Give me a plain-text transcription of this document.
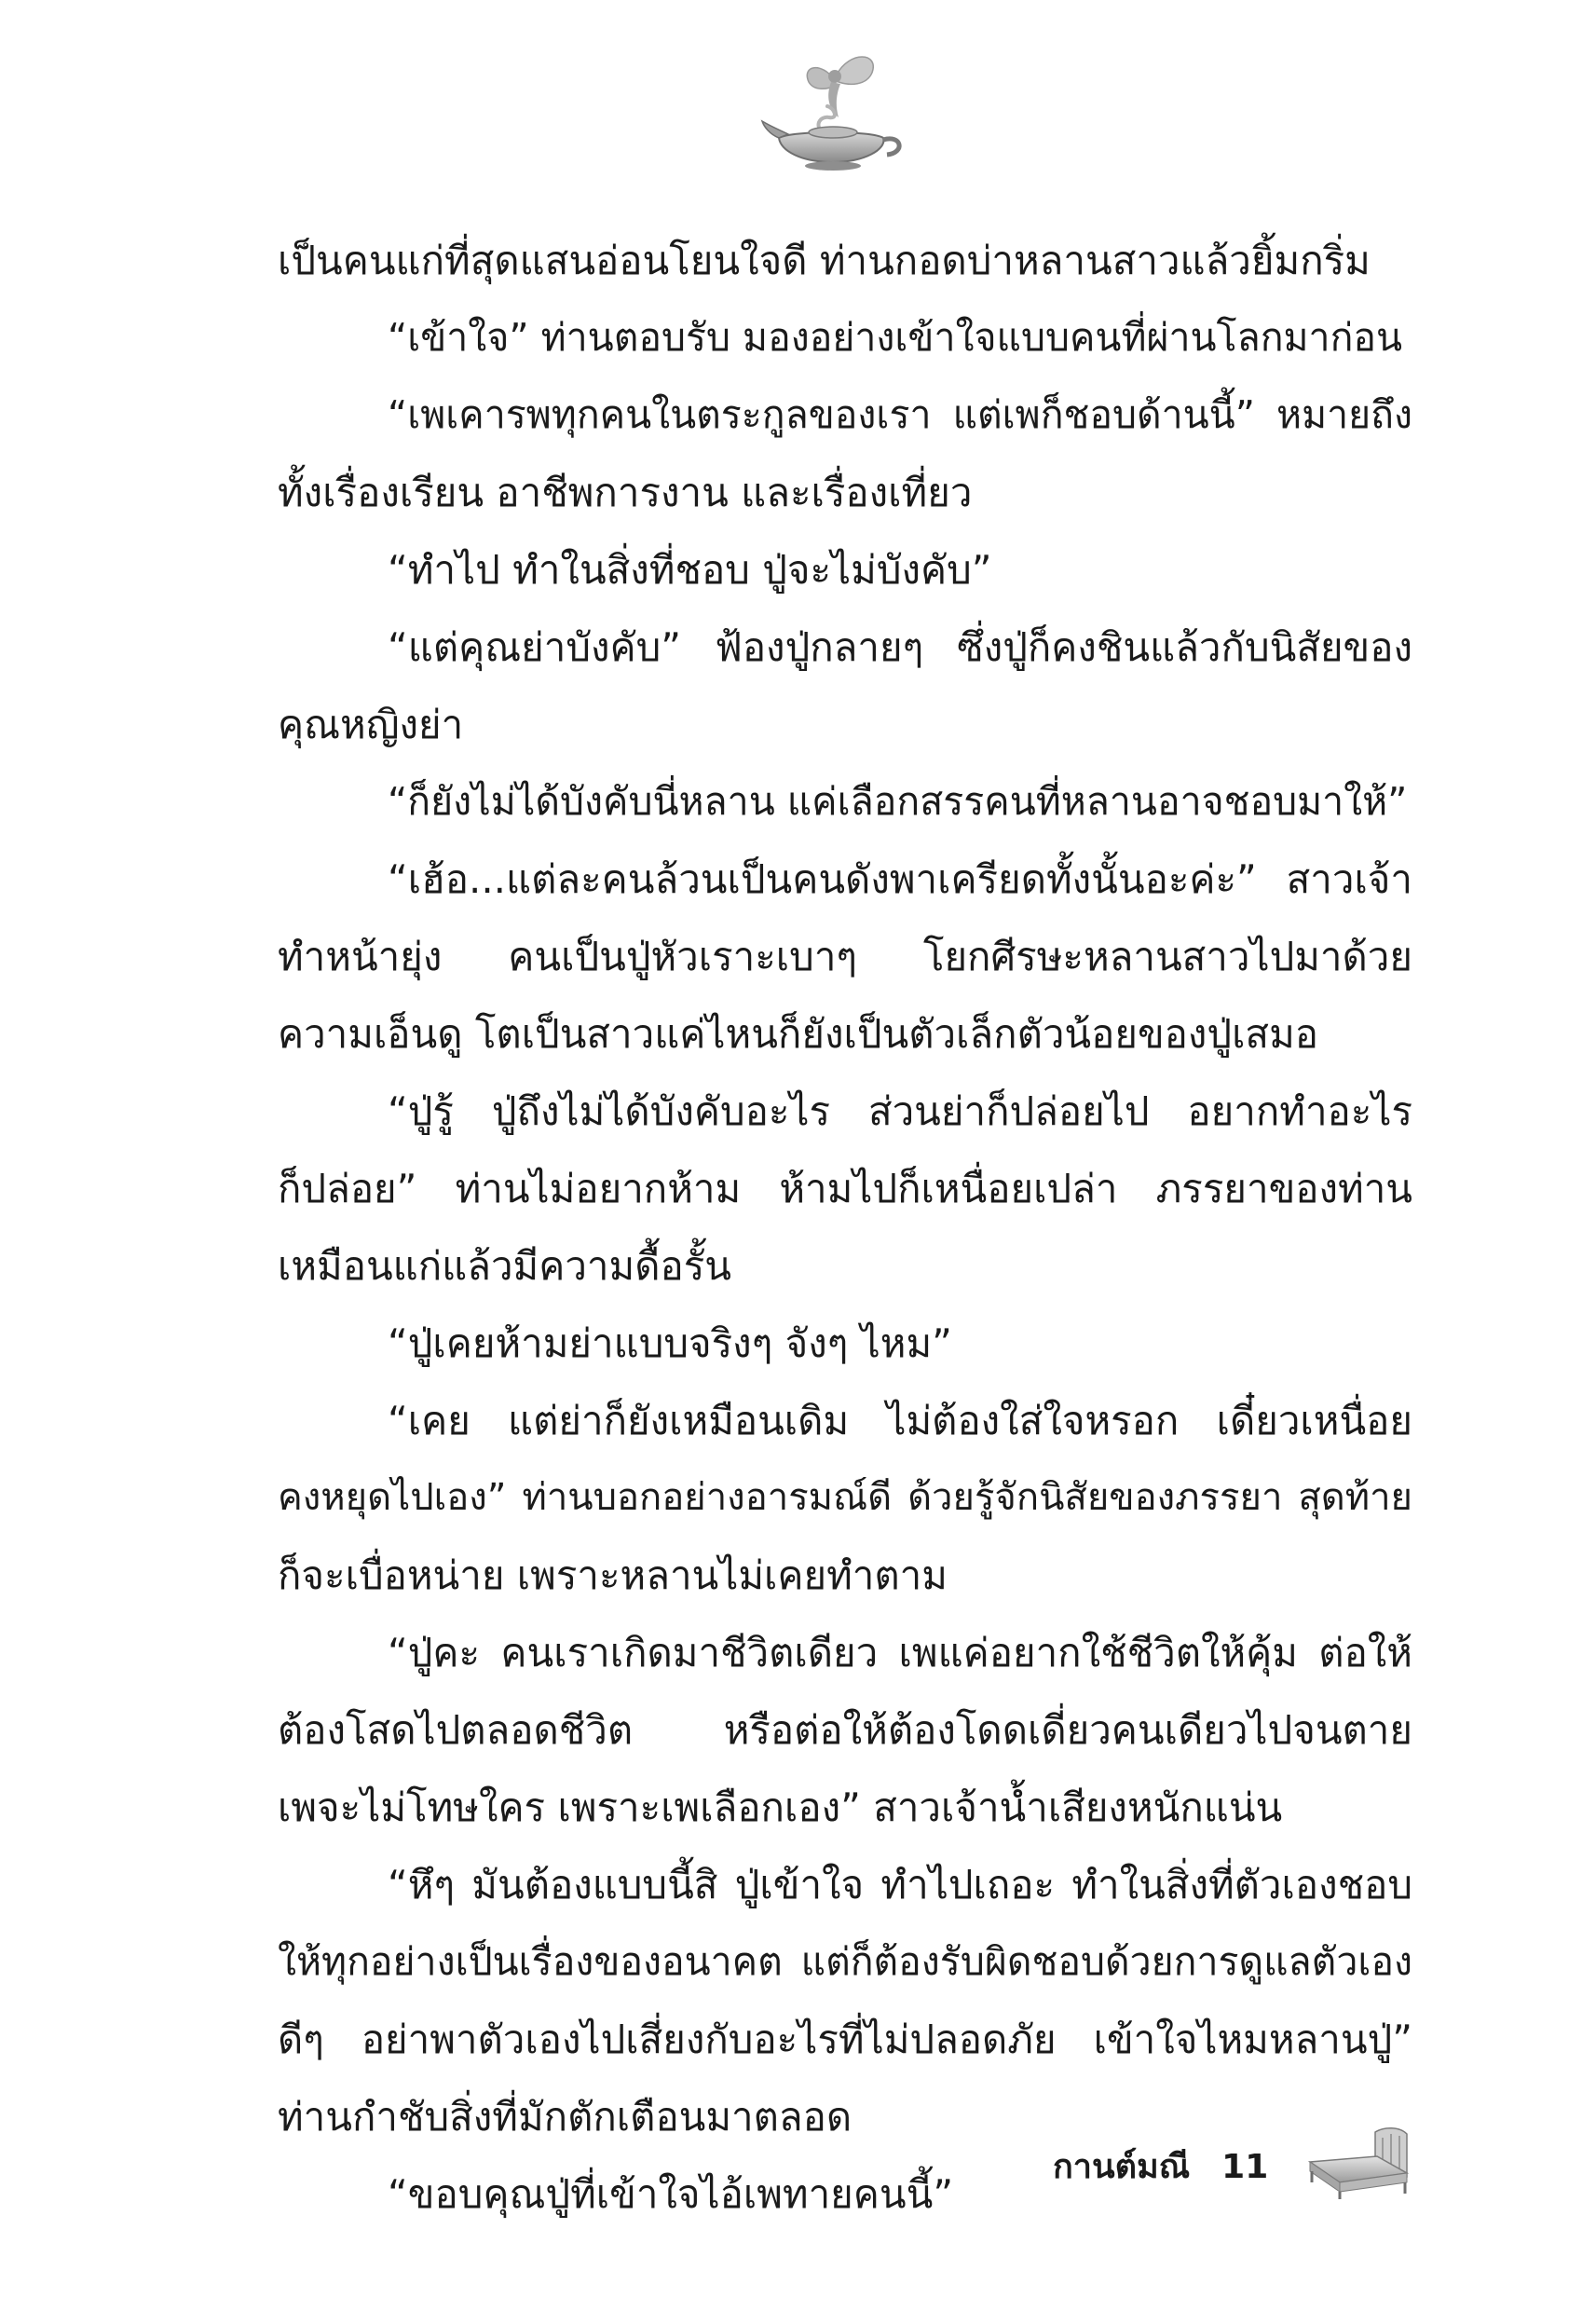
เป็นคนแก่ที่สุดแสนอ่อนโยนใจดี ท่านกอดบ่าหลานสาวแล้วยิ้มกริ่ม
“เข้าใจ” ท่านตอบรับ มองอย่างเข้าใจแบบคนที่ผ่านโลกมาก่อน
“เพเคารพทุกคนในตระกูลของเรา แต่เพก็ชอบด้านนี้” หมายถึง
ทั้งเรื่องเรียน อาชีพการงาน และเรื่องเที่ยว
“ทำไป ทำในสิ่งที่ชอบ ปู่จะไม่บังคับ”
“แต่คุณย่าบังคับ” ฟ้องปู่กลายๆ ซึ่งปู่ก็คงชินแล้วกับนิสัยของ
คุณหญิงย่า
“ก็ยังไม่ได้บังคับนี่หลาน แค่เลือกสรรคนที่หลานอาจชอบมาให้”
“เฮ้อ...แต่ละคนล้วนเป็นคนดังพาเครียดทั้งนั้นอะค่ะ” สาวเจ้า
ทำหน้ายุ่ง คนเป็นปู่หัวเราะเบาๆ โยกศีรษะหลานสาวไปมาด้วย
ความเอ็นดู โตเป็นสาวแค่ไหนก็ยังเป็นตัวเล็กตัวน้อยของปู่เสมอ
“ปู่รู้ ปู่ถึงไม่ได้บังคับอะไร ส่วนย่าก็ปล่อยไป อยากทำอะไร
ก็ปล่อย” ท่านไม่อยากห้าม ห้ามไปก็เหนื่อยเปล่า ภรรยาของท่าน
เหมือนแก่แล้วมีความดื้อรั้น
“ปู่เคยห้ามย่าแบบจริงๆ จังๆ ไหม”
“เคย แต่ย่าก็ยังเหมือนเดิม ไม่ต้องใส่ใจหรอก เดี๋ยวเหนื่อย
คงหยุดไปเอง” ท่านบอกอย่างอารมณ์ดี ด้วยรู้จักนิสัยของภรรยา สุดท้าย
ก็จะเบื่อหน่าย เพราะหลานไม่เคยทำตาม
“ปู่คะ คนเราเกิดมาชีวิตเดียว เพแค่อยากใช้ชีวิตให้คุ้ม ต่อให้
ต้องโสดไปตลอดชีวิต หรือต่อให้ต้องโดดเดี่ยวคนเดียวไปจนตาย
เพจะไม่โทษใคร เพราะเพเลือกเอง” สาวเจ้าน้ำเสียงหนักแน่น
“หึๆ มันต้องแบบนี้สิ ปู่เข้าใจ ทำไปเถอะ ทำในสิ่งที่ตัวเองชอบ
ให้ทุกอย่างเป็นเรื่องของอนาคต แต่ก็ต้องรับผิดชอบด้วยการดูแลตัวเอง
ดีๆ อย่าพาตัวเองไปเสี่ยงกับอะไรที่ไม่ปลอดภัย เข้าใจไหมหลานปู่”
ท่านกำชับสิ่งที่มักตักเตือนมาตลอด
“ขอบคุณปู่ที่เข้าใจไอ้เพทายคนนี้”
กานต์มณี 11
